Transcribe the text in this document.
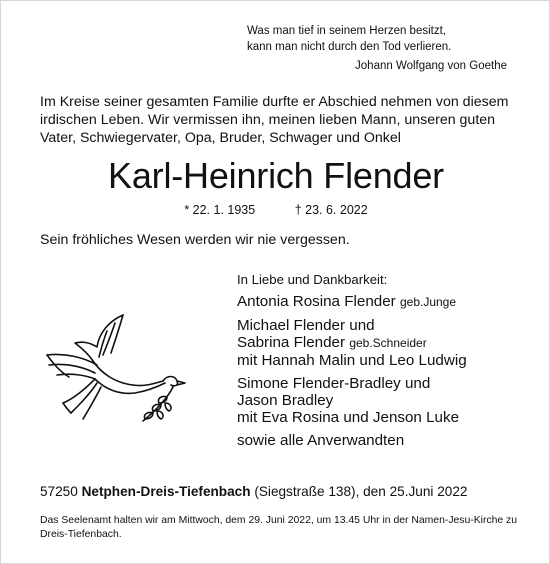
Was man tief in seinem Herzen besitzt,
kann man nicht durch den Tod verlieren.
Johann Wolfgang von Goethe

Im Kreise seiner gesamten Familie durfte er Abschied nehmen von diesem irdischen Leben. Wir vermissen ihn, meinen lieben Mann, unseren guten Vater, Schwiegervater, Opa, Bruder, Schwager und Onkel

Karl-Heinrich Flender
* 22. 1. 1935	† 23. 6. 2022

Sein fröhliches Wesen werden wir nie vergessen.

In Liebe und Dankbarkeit:
Antonia Rosina Flender geb.Junge
Michael Flender und
Sabrina Flender geb.Schneider
mit Hannah Malin und Leo Ludwig
Simone Flender-Bradley und
Jason Bradley
mit Eva Rosina und Jenson Luke
sowie alle Anverwandten

57250 Netphen-Dreis-Tiefenbach (Siegstraße 138), den 25.Juni 2022

Das Seelenamt halten wir am Mittwoch, dem 29. Juni 2022, um 13.45 Uhr in der Namen-Jesu-Kirche zu Dreis-Tiefenbach.
